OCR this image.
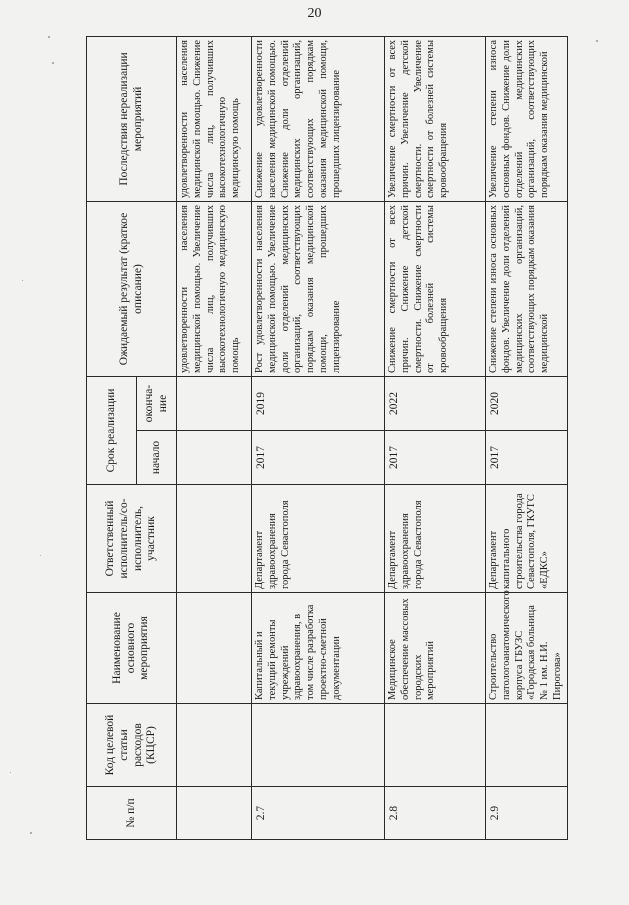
20
№ п/п	Код целевой статьи расходов (КЦСР)	Наименование основного мероприятия	Ответственный исполнитель/со-исполнитель, участник	Срок реализации		Ожидаемый результат (краткое описание)	Последствия нереализации мероприятий
				начало	оконча-ние		
						удовлетворенности населения медицинской помощью. Увеличение числа лиц, получивших высокотехнологичную медицинскую помощь	удовлетворенности населения медицинской помощью. Снижение числа лиц, получивших высокотехнологичную медицинскую помощь
2.7		Капитальный и текущий ремонты учреждений здравоохранения, в том числе разработка проектно-сметной документации	Департамент здравоохранения города Севастополя	2017	2019	Рост удовлетворенности населения медицинской помощью. Увеличение доли отделений медицинских организаций, соответствующих порядкам оказания медицинской помощи, прошедших лицензирование	Снижение удовлетворенности населения медицинской помощью. Снижение доли отделений медицинских организаций, соответствующих порядкам оказания медицинской помощи, прошедших лицензирование
2.8		Медицинское обеспечение массовых городских мероприятий	Департамент здравоохранения города Севастополя	2017	2022	Снижение смертности от всех причин. Снижение детской смертности. Снижение смертности от болезней системы кровообращения	Увеличение смертности от всех причин. Увеличение детской смертности. Увеличение смертности от болезней системы кровообращения
2.9		Строительство патологоанатомического корпуса ГБУЗС «Городская больница № 1 им. Н.И. Пирогова»	Департамент капитального строительства города Севастополя, ГКУГС «ЕДКС»	2017	2020	Снижение степени износа основных фондов. Увеличение доли отделений медицинских организаций, соответствующих порядкам оказания медицинской	Увеличение степени износа основных фондов. Снижение доли отделений медицинских организаций, соответствующих порядкам оказания медицинской
